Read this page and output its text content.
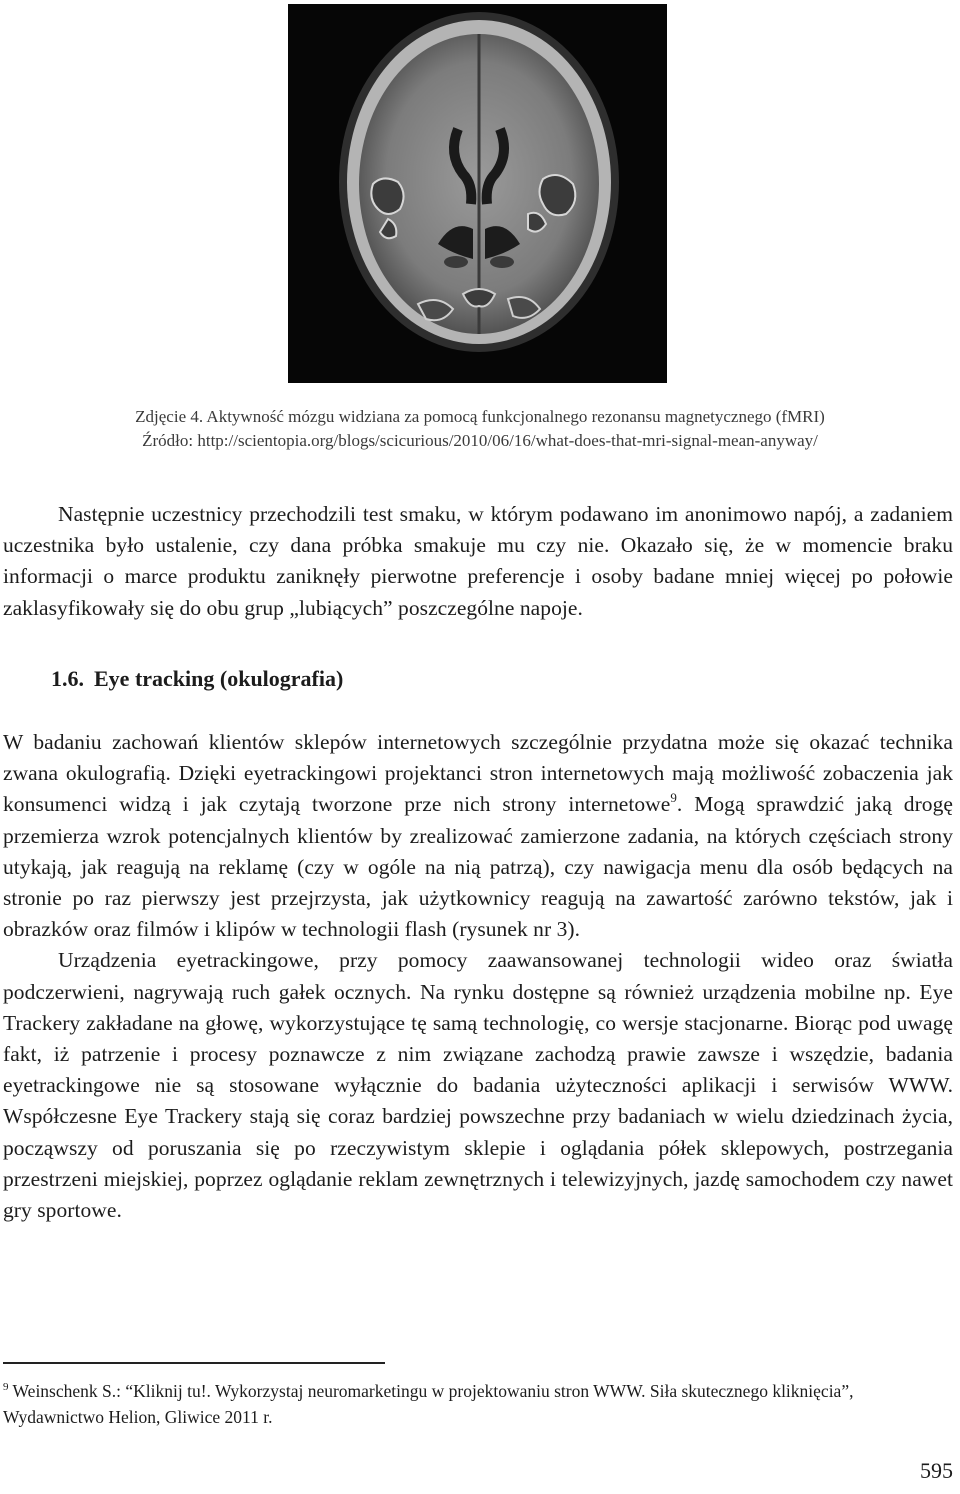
Zdjęcie 4. Aktywność mózgu widziana za pomocą funkcjonalnego rezonansu magnetycznego (fMRI)
Źródło: http://scientopia.org/blogs/scicurious/2010/06/16/what-does-that-mri-signal-mean-anyway/

Następnie uczestnicy przechodzili test smaku, w którym podawano im anonimowo napój, a zadaniem uczestnika było ustalenie, czy dana próbka smakuje mu czy nie. Okazało się, że w momencie braku informacji o marce produktu zaniknęły pierwotne preferencje i osoby badane mniej więcej po połowie zaklasyfikowały się do obu grup „lubiących” poszczególne napoje.

1.6. Eye tracking (okulografia)

W badaniu zachowań klientów sklepów internetowych szczególnie przydatna może się okazać technika zwana okulografią. Dzięki eyetrackingowi projektanci stron internetowych mają możliwość zobaczenia jak konsumenci widzą i jak czytają tworzone prze nich strony internetowe$^9$. Mogą sprawdzić jaką drogę przemierza wzrok potencjalnych klientów by zrealizować zamierzone zadania, na których częściach strony utykają, jak reagują na reklamę (czy w ogóle na nią patrzą), czy nawigacja menu dla osób będących na stronie po raz pierwszy jest przejrzysta, jak użytkownicy reagują na zawartość zarówno tekstów, jak i obrazków oraz filmów i klipów w technologii flash (rysunek nr 3).

Urządzenia eyetrackingowe, przy pomocy zaawansowanej technologii wideo oraz światła podczerwieni, nagrywają ruch gałek ocznych. Na rynku dostępne są również urządzenia mobilne np. Eye Trackery zakładane na głowę, wykorzystujące tę samą technologię, co wersje stacjonarne. Biorąc pod uwagę fakt, iż patrzenie i procesy poznawcze z nim związane zachodzą prawie zawsze i wszędzie, badania eyetrackingowe nie są stosowane wyłącznie do badania użyteczności aplikacji i serwisów WWW. Współczesne Eye Trackery stają się coraz bardziej powszechne przy badaniach w wielu dziedzinach życia, począwszy od poruszania się po rzeczywistym sklepie i oglądania półek sklepowych, postrzegania przestrzeni miejskiej, poprzez oglądanie reklam zewnętrznych i telewizyjnych, jazdę samochodem czy nawet gry sportowe.

$^9$ Weinschenk S.: “Kliknij tu!. Wykorzystaj neuromarketingu w projektowaniu stron WWW. Siła skutecznego kliknięcia”, Wydawnictwo Helion, Gliwice 2011 r.
595
